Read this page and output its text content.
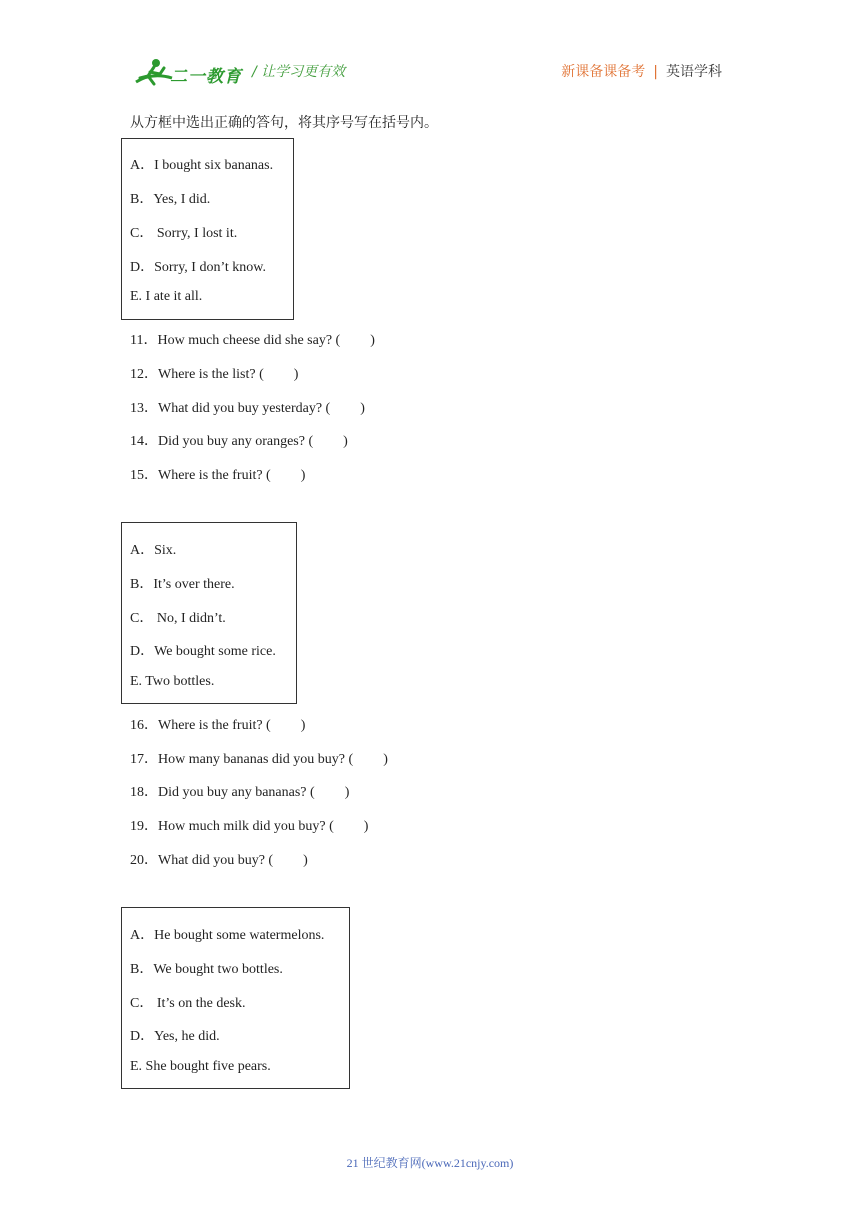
二一教育 / 让学习更有效	新课备课备考 | 英语学科
从方框中选出正确的答句，将其序号写在括号内。
A．I bought six bananas.
B．Yes, I did.
C． Sorry, I lost it.
D．Sorry, I don’t know.
E. I ate it all.
11．How much cheese did she say? ( )
12．Where is the list? ( )
13．What did you buy yesterday? ( )
14．Did you buy any oranges? ( )
15．Where is the fruit? ( )
A．Six.
B．It’s over there.
C． No, I didn’t.
D．We bought some rice.
E. Two bottles.
16．Where is the fruit? ( )
17．How many bananas did you buy? ( )
18．Did you buy any bananas? ( )
19．How much milk did you buy? ( )
20．What did you buy? ( )
A．He bought some watermelons.
B．We bought two bottles.
C． It’s on the desk.
D．Yes, he did.
E. She bought five pears.
21 世纪教育网(www.21cnjy.com)
